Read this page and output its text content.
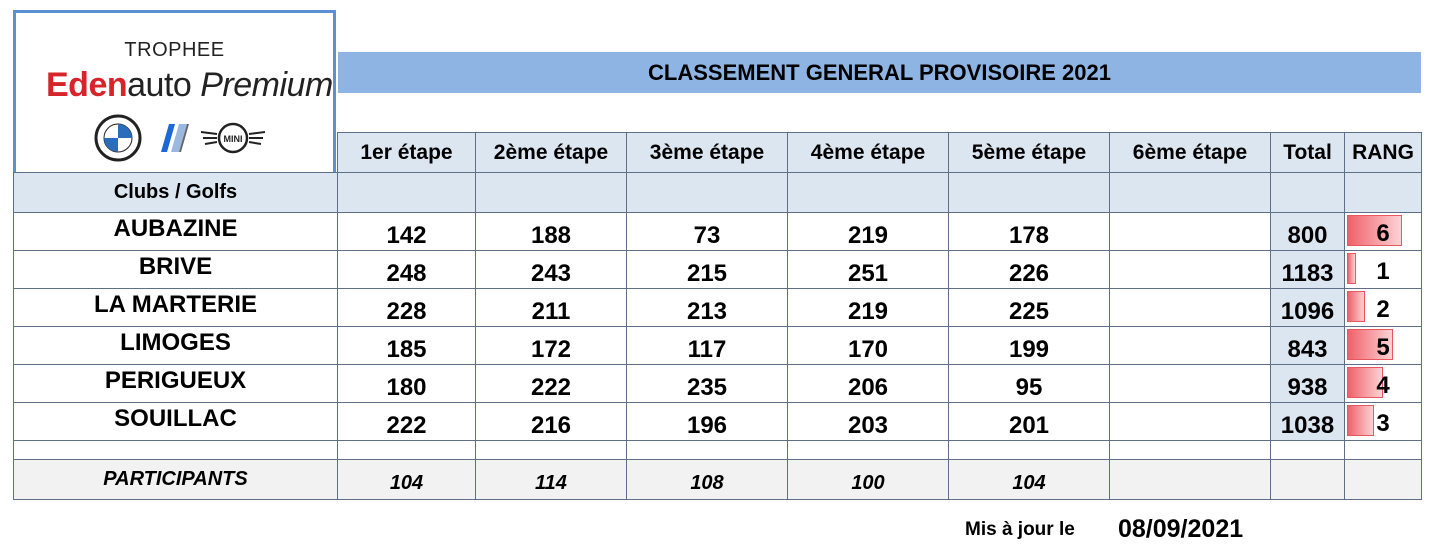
TROPHEE
Edenauto Premium
BMW
MINI
CLASSEMENT GENERAL PROVISOIRE 2021
	1er étape	2ème étape	3ème étape	4ème étape	5ème étape	6ème étape	Total	RANG
Clubs / Golfs								
AUBAZINE	142	188	73	219	178		800	6

BRIVE	248	243	215	251	226		1183	1

LA MARTERIE	228	211	213	219	225		1096	2

LIMOGES	185	172	117	170	199		843	5

PERIGUEUX	180	222	235	206	95		938	4

SOUILLAC	222	216	196	203	201		1038	3

PARTICIPANTS	104	114	108	100	104			
Mis à jour le 08/09/2021
